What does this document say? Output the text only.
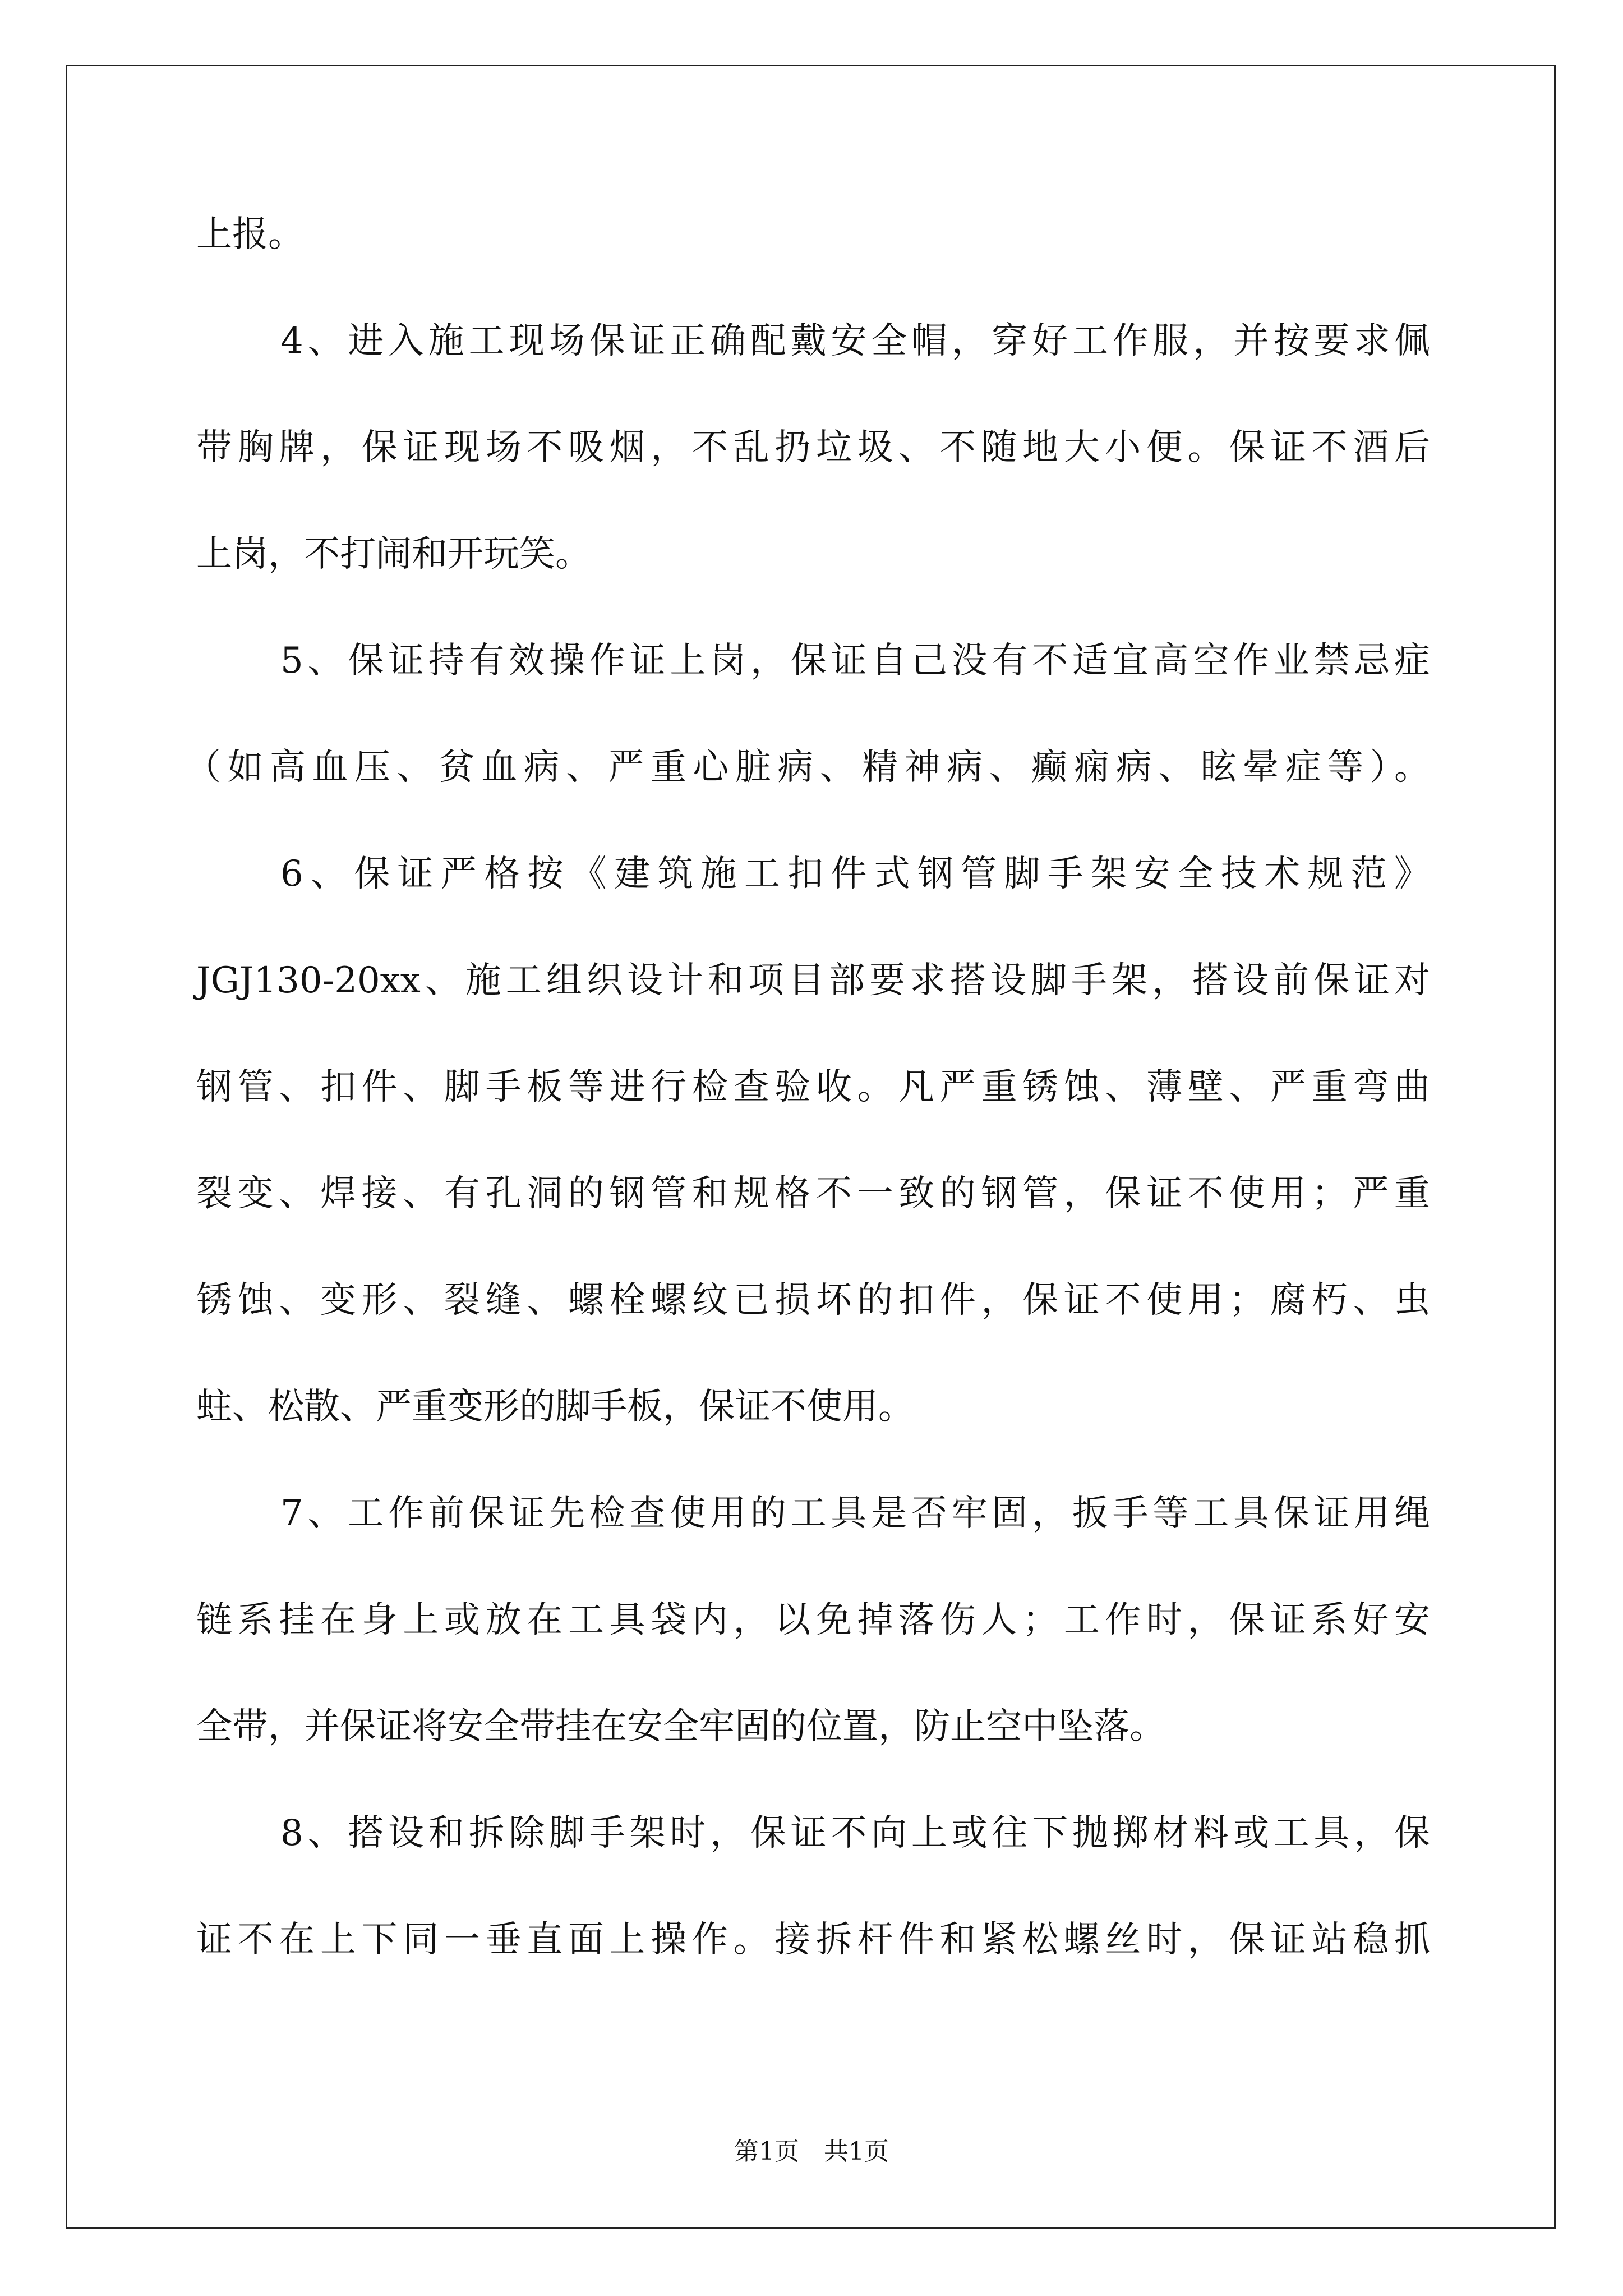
上报。
4、进入施工现场保证正确配戴安全帽，穿好工作服，并按要求佩
带胸牌，保证现场不吸烟，不乱扔垃圾、不随地大小便。保证不酒后
上岗，不打闹和开玩笑。
5、保证持有效操作证上岗，保证自己没有不适宜高空作业禁忌症
（如高血压、贫血病、严重心脏病、精神病、癫痫病、眩晕症等）。
6、保证严格按《建筑施工扣件式钢管脚手架安全技术规范》
JGJ130-20xx、施工组织设计和项目部要求搭设脚手架，搭设前保证对
钢管、扣件、脚手板等进行检查验收。凡严重锈蚀、薄壁、严重弯曲
裂变、焊接、有孔洞的钢管和规格不一致的钢管，保证不使用；严重
锈蚀、变形、裂缝、螺栓螺纹已损坏的扣件，保证不使用；腐朽、虫
蛀、松散、严重变形的脚手板，保证不使用。
7、工作前保证先检查使用的工具是否牢固，扳手等工具保证用绳
链系挂在身上或放在工具袋内，以免掉落伤人；工作时，保证系好安
全带，并保证将安全带挂在安全牢固的位置，防止空中坠落。
8、搭设和拆除脚手架时，保证不向上或往下抛掷材料或工具，保
证不在上下同一垂直面上操作。接拆杆件和紧松螺丝时，保证站稳抓
第1页　共1页
